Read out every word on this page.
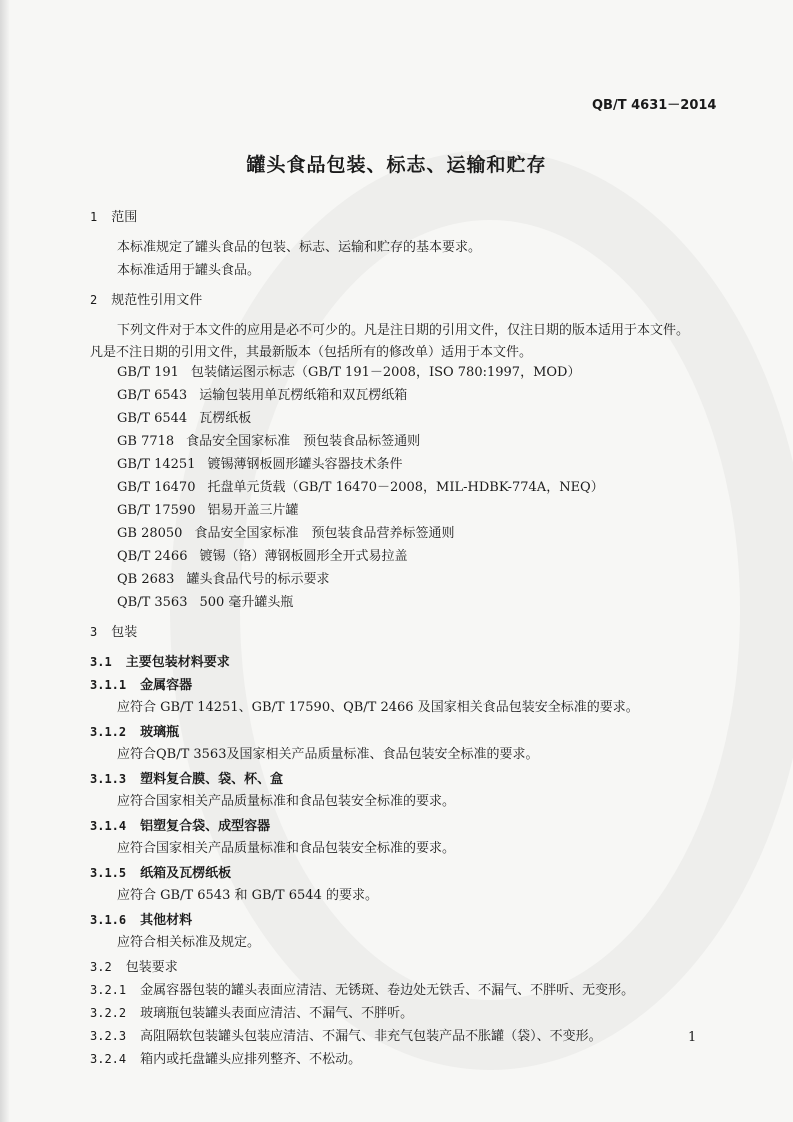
QB/T 4631－2014
罐头食品包装、标志、运输和贮存
1 范围
本标准规定了罐头食品的包装、标志、运输和贮存的基本要求。
本标准适用于罐头食品。
2 规范性引用文件
下列文件对于本文件的应用是必不可少的。凡是注日期的引用文件，仅注日期的版本适用于本文件。
凡是不注日期的引用文件，其最新版本（包括所有的修改单）适用于本文件。
GB/T 191 包装储运图示标志（GB/T 191－2008，ISO 780:1997，MOD）
GB/T 6543 运输包装用单瓦楞纸箱和双瓦楞纸箱
GB/T 6544 瓦楞纸板
GB 7718 食品安全国家标准　预包装食品标签通则
GB/T 14251 镀锡薄钢板圆形罐头容器技术条件
GB/T 16470 托盘单元货载（GB/T 16470－2008，MIL-HDBK-774A，NEQ）
GB/T 17590 铝易开盖三片罐
GB 28050 食品安全国家标准　预包装食品营养标签通则
QB/T 2466 镀锡（铬）薄钢板圆形全开式易拉盖
QB 2683 罐头食品代号的标示要求
QB/T 3563 500 毫升罐头瓶
3 包装
3.1 主要包装材料要求
3.1.1 金属容器
应符合 GB/T 14251、GB/T 17590、QB/T 2466 及国家相关食品包装安全标准的要求。
3.1.2 玻璃瓶
应符合QB/T 3563及国家相关产品质量标准、食品包装安全标准的要求。
3.1.3 塑料复合膜、袋、杯、盒
应符合国家相关产品质量标准和食品包装安全标准的要求。
3.1.4 铝塑复合袋、成型容器
应符合国家相关产品质量标准和食品包装安全标准的要求。
3.1.5 纸箱及瓦楞纸板
应符合 GB/T 6543 和 GB/T 6544 的要求。
3.1.6 其他材料
应符合相关标准及规定。
3.2 包装要求
3.2.1 金属容器包装的罐头表面应清洁、无锈斑、卷边处无铁舌、不漏气、不胖听、无变形。
3.2.2 玻璃瓶包装罐头表面应清洁、不漏气、不胖听。
3.2.3 高阻隔软包装罐头包装应清洁、不漏气、非充气包装产品不胀罐（袋）、不变形。
3.2.4 箱内或托盘罐头应排列整齐、不松动。
1
